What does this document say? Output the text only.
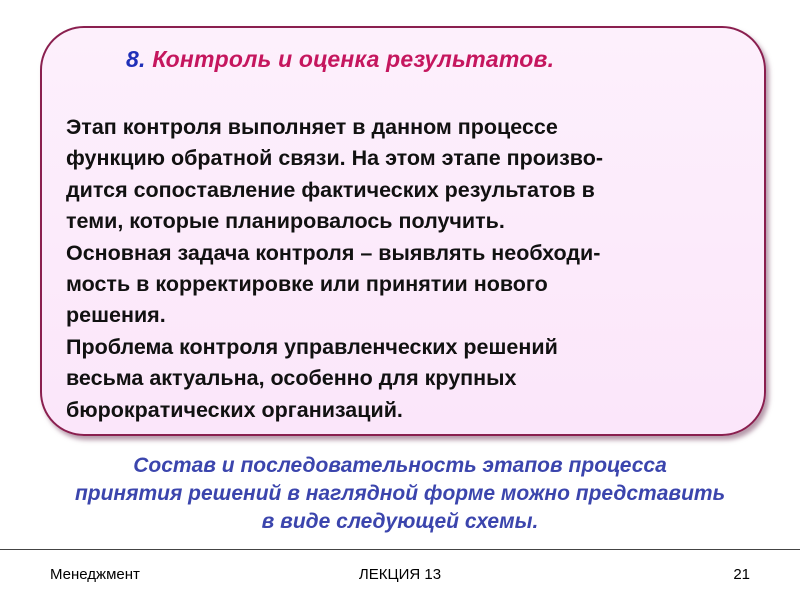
8. Контроль и оценка результатов.
Этап контроля выполняет в данном процессе
функцию обратной связи. На этом этапе произво-
дится сопоставление фактических результатов в
теми, которые планировалось получить.
Основная задача контроля – выявлять необходи-
мость в корректировке или принятии нового
решения.
Проблема контроля управленческих решений
весьма актуальна, особенно для крупных
бюрократических организаций.
Состав и последовательность этапов процесса
принятия решений в наглядной форме можно представить
в виде следующей схемы.
Менеджмент	ЛЕКЦИЯ 13	21
